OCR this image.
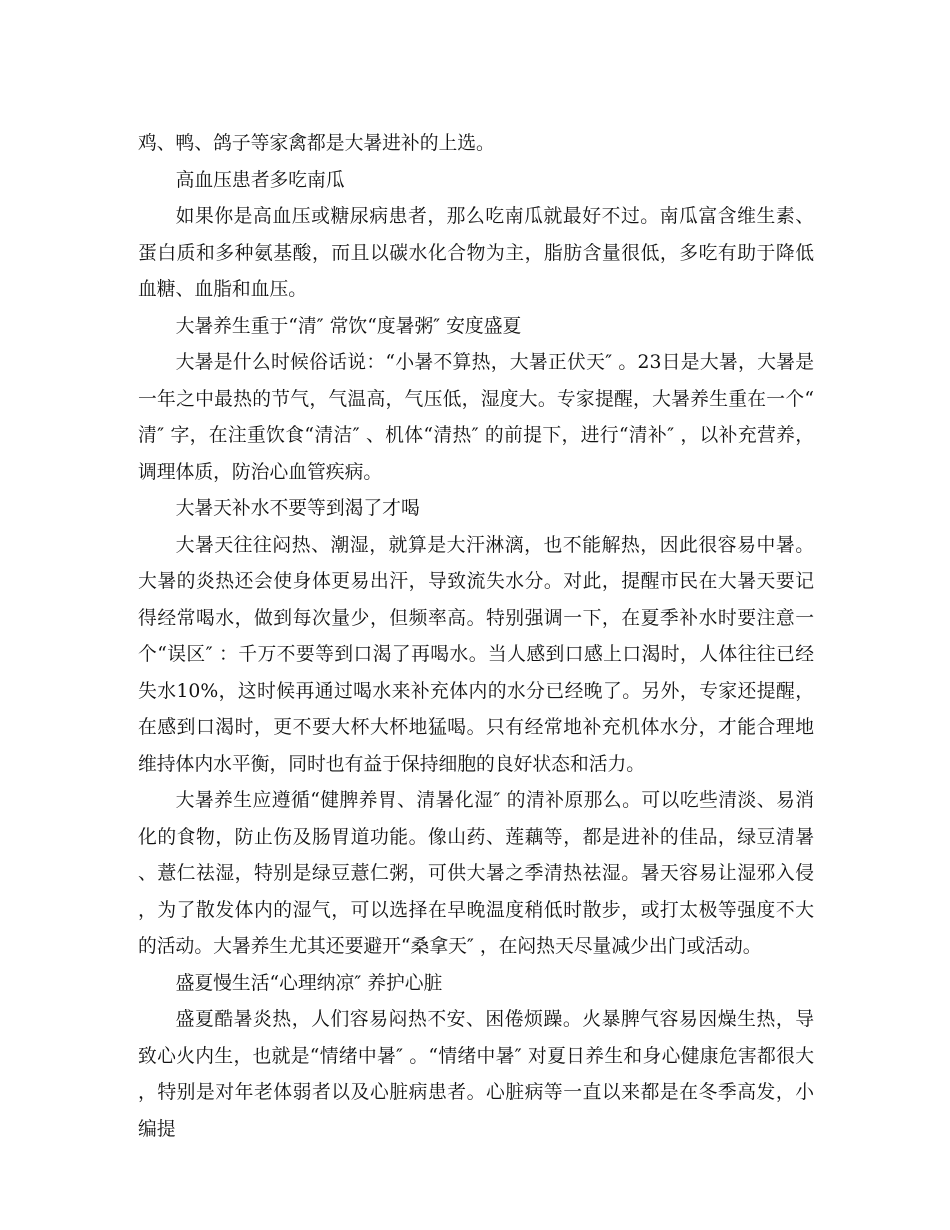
鸡、鸭、鸽子等家禽都是大暑进补的上选。

高血压患者多吃南瓜

如果你是高血压或糖尿病患者，那么吃南瓜就最好不过。南瓜富含维生素、蛋白质和多种氨基酸，而且以碳水化合物为主，脂肪含量很低，多吃有助于降低血糖、血脂和血压。

大暑养生重于“清″ 常饮“度暑粥″ 安度盛夏

大暑是什么时候俗话说：“小暑不算热，大暑正伏天″ 。23日是大暑，大暑是一年之中最热的节气，气温高，气压低，湿度大。专家提醒，大暑养生重在一个“清″ 字，在注重饮食“清洁″ 、机体“清热″ 的前提下，进行“清补″ ，以补充营养，调理体质，防治心血管疾病。

大暑天补水不要等到渴了才喝

大暑天往往闷热、潮湿，就算是大汗淋漓，也不能解热，因此很容易中暑。大暑的炎热还会使身体更易出汗，导致流失水分。对此，提醒市民在大暑天要记得经常喝水，做到每次量少，但频率高。特别强调一下，在夏季补水时要注意一个“误区″ ：千万不要等到口渴了再喝水。当人感到口感上口渴时，人体往往已经失水10%，这时候再通过喝水来补充体内的水分已经晚了。另外，专家还提醒，在感到口渴时，更不要大杯大杯地猛喝。只有经常地补充机体水分，才能合理地维持体内水平衡，同时也有益于保持细胞的良好状态和活力。

大暑养生应遵循“健脾养胃、清暑化湿″ 的清补原那么。可以吃些清淡、易消化的食物，防止伤及肠胃道功能。像山药、莲藕等，都是进补的佳品，绿豆清暑、薏仁祛湿，特别是绿豆薏仁粥，可供大暑之季清热祛湿。暑天容易让湿邪入侵，为了散发体内的湿气，可以选择在早晚温度稍低时散步，或打太极等强度不大的活动。大暑养生尤其还要避开“桑拿天″ ，在闷热天尽量减少出门或活动。

盛夏慢生活“心理纳凉″ 养护心脏

盛夏酷暑炎热，人们容易闷热不安、困倦烦躁。火暴脾气容易因燥生热，导致心火内生，也就是“情绪中暑″ 。“情绪中暑″ 对夏日养生和身心健康危害都很大，特别是对年老体弱者以及心脏病患者。心脏病等一直以来都是在冬季高发，小编提
